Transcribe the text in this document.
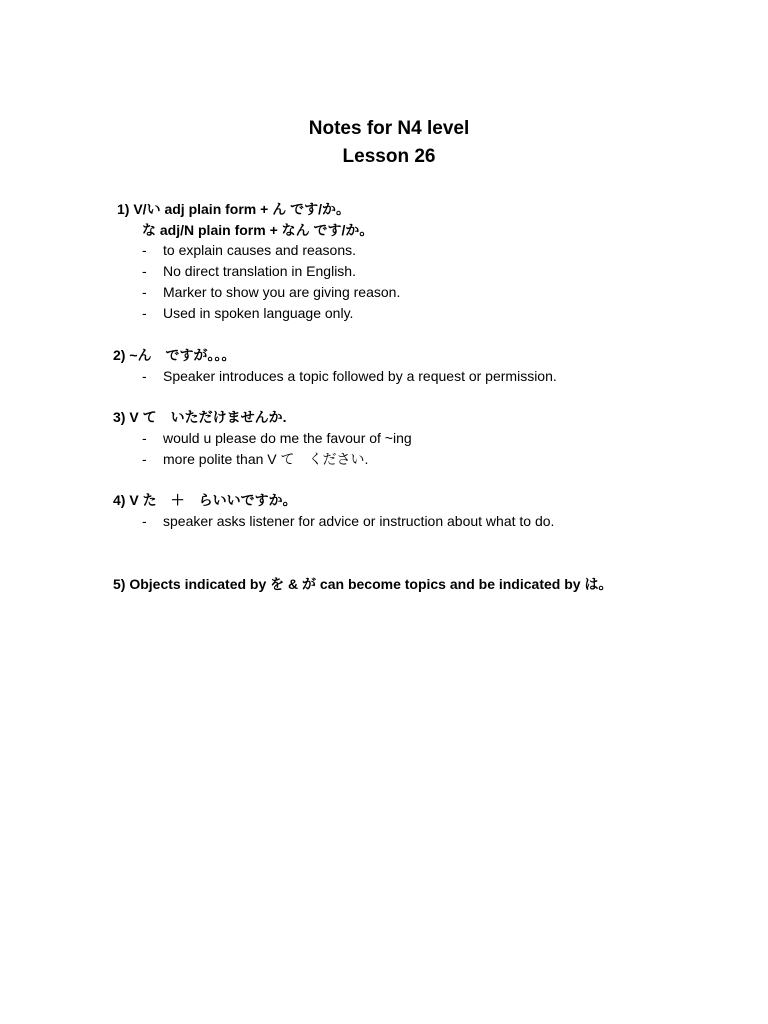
Notes for N4 level
Lesson 26
1) V/い adj plain form + ん です/か。
な adj/N plain form + なん です/か。
- to explain causes and reasons.
- No direct translation in English.
- Marker to show you are giving reason.
- Used in spoken language only.
2) ~ん　ですが。。。
- Speaker introduces a topic followed by a request or permission.
3) V て　いただけませんか.
- would u please do me the favour of ~ing
- more polite than V て　ください.
4) V た　＋　らいいですか。
- speaker asks listener for advice or instruction about what to do.
5) Objects indicated by を & が can become topics and be indicated by は。
